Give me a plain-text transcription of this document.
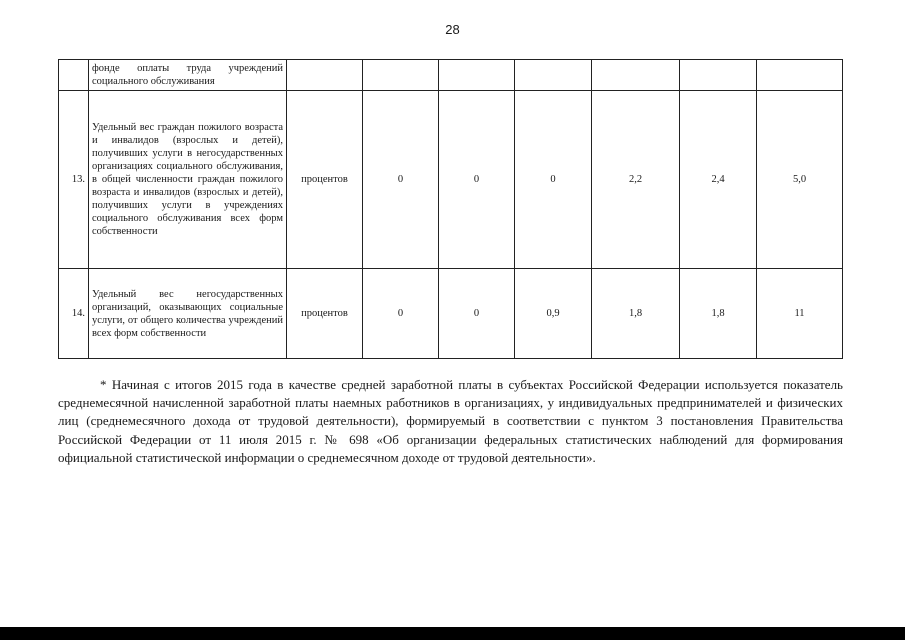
28
	фонде оплаты труда учреждений социального обслуживания							
13.	Удельный вес граждан пожилого возраста и инвалидов (взрослых и детей), получивших услуги в негосударственных организациях социального обслуживания, в общей численности граждан пожилого возраста и инвалидов (взрослых и детей), получивших услуги в учреждениях социального обслуживания всех форм собственности	процентов	0	0	0	2,2	2,4	5,0
14.	Удельный вес негосударственных организаций, оказывающих социальные услуги, от общего количества учреждений всех форм собственности	процентов	0	0	0,9	1,8	1,8	11
* Начиная с итогов 2015 года в качестве средней заработной платы в субъектах Российской Федерации используется показатель среднемесячной начисленной заработной платы наемных работников в организациях, у индивидуальных предпринимателей и физических лиц (среднемесячного дохода от трудовой деятельности), формируемый в соответствии с пунктом 3 постановления Правительства Российской Федерации от 11 июля 2015 г. № 698 «Об организации федеральных статистических наблюдений для формирования официальной статистической информации о среднемесячном доходе от трудовой деятельности».
